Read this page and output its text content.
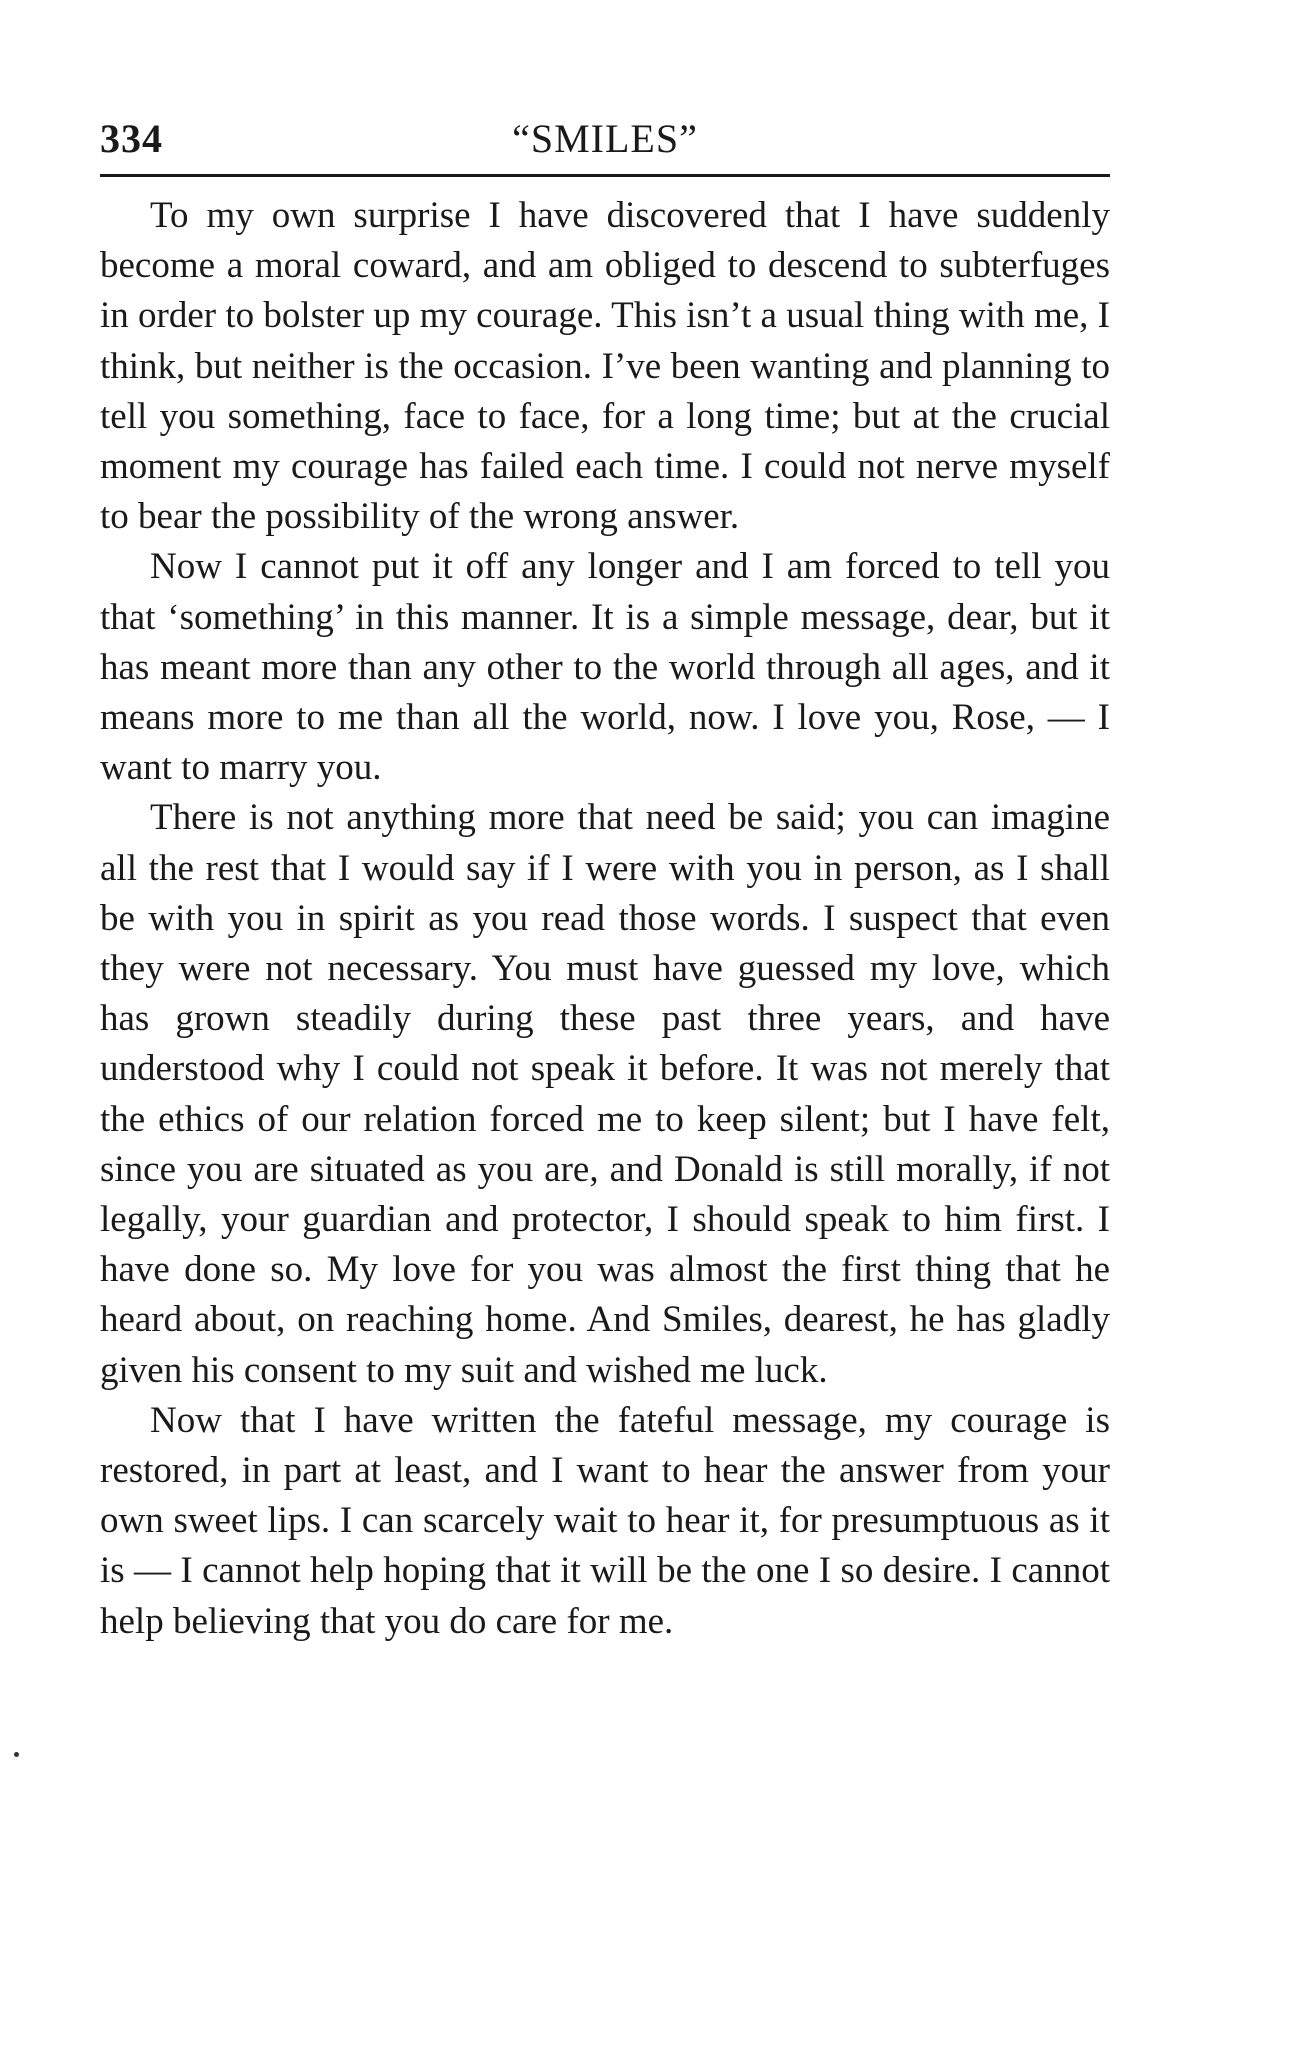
334	“SMILES”

To my own surprise I have discovered that I have suddenly become a moral coward, and am obliged to descend to subterfuges in order to bolster up my courage. This isn’t a usual thing with me, I think, but neither is the occasion. I’ve been wanting and planning to tell you something, face to face, for a long time; but at the crucial moment my courage has failed each time. I could not nerve myself to bear the possibility of the wrong answer.

Now I cannot put it off any longer and I am forced to tell you that ‘something’ in this manner. It is a simple message, dear, but it has meant more than any other to the world through all ages, and it means more to me than all the world, now. I love you, Rose, — I want to marry you.

There is not anything more that need be said; you can imagine all the rest that I would say if I were with you in person, as I shall be with you in spirit as you read those words. I suspect that even they were not necessary. You must have guessed my love, which has grown steadily during these past three years, and have understood why I could not speak it before. It was not merely that the ethics of our relation forced me to keep silent; but I have felt, since you are situated as you are, and Donald is still morally, if not legally, your guardian and protector, I should speak to him first. I have done so. My love for you was almost the first thing that he heard about, on reaching home. And Smiles, dearest, he has gladly given his consent to my suit and wished me luck.

Now that I have written the fateful message, my courage is restored, in part at least, and I want to hear the answer from your own sweet lips. I can scarcely wait to hear it, for presumptuous as it is — I cannot help hoping that it will be the one I so desire. I cannot help believing that you do care for me.
